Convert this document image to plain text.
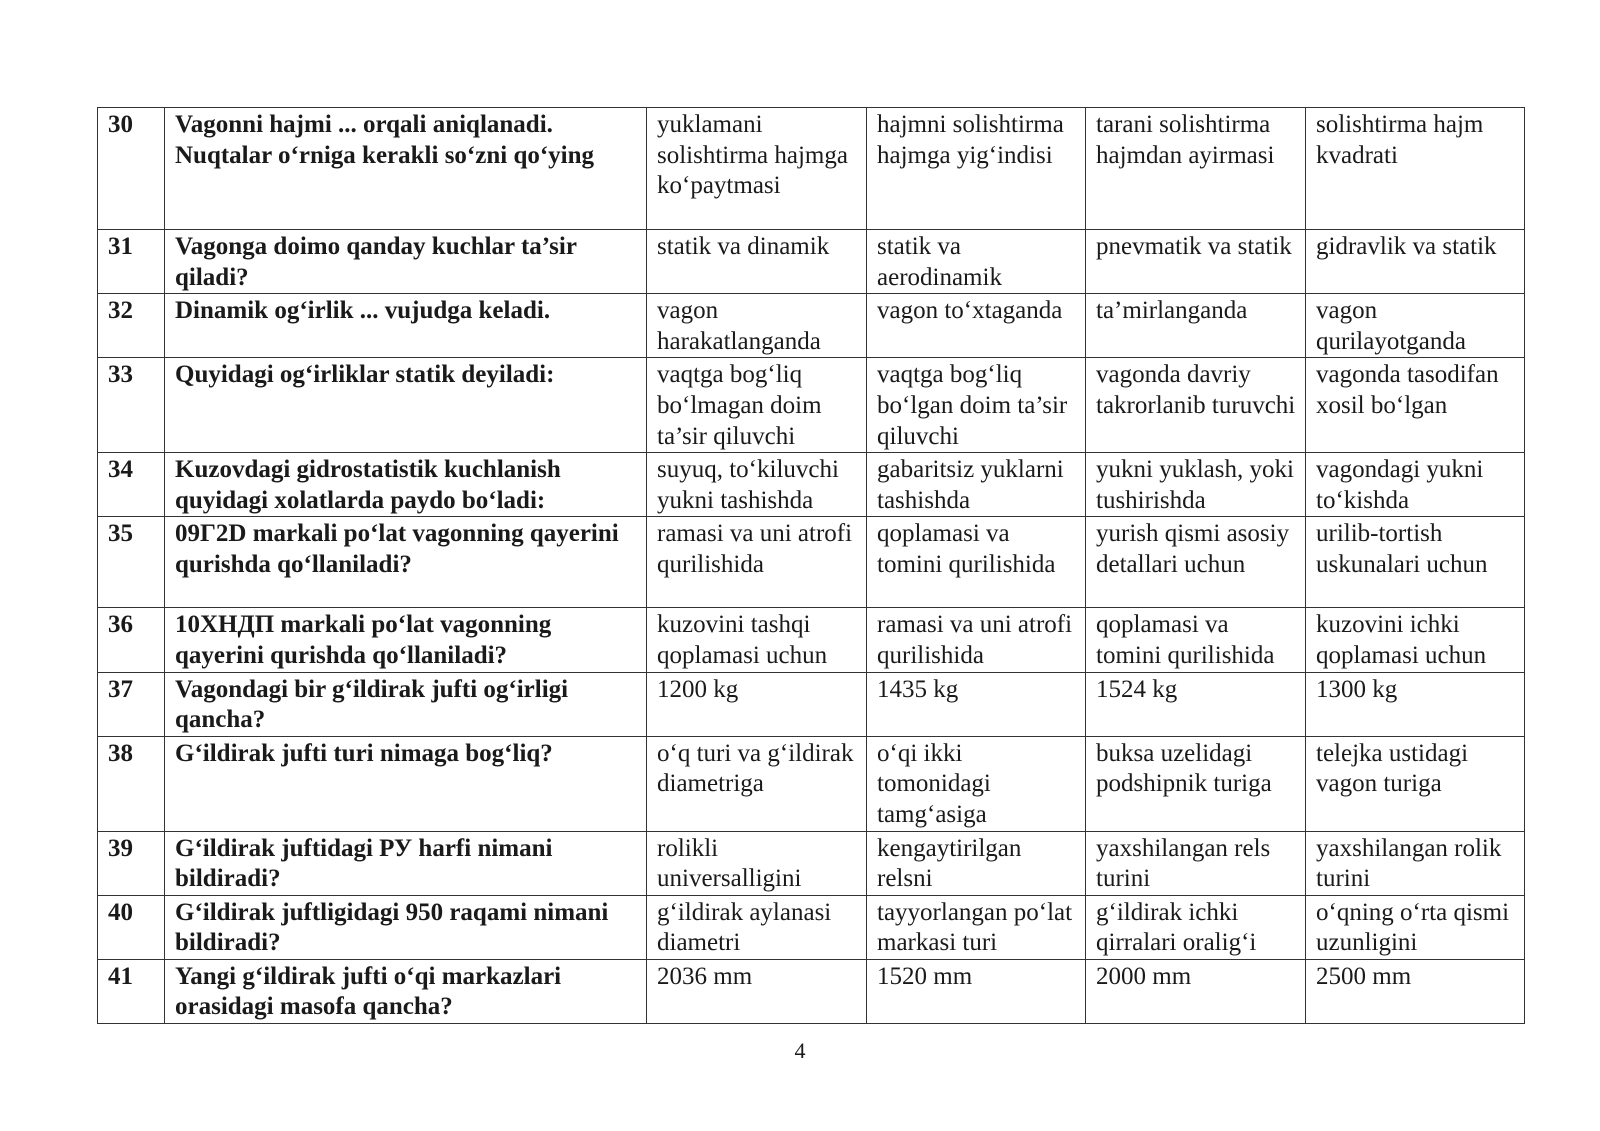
30	Vagonni hajmi ... orqali aniqlanadi. Nuqtalar o‘rniga kerakli so‘zni qo‘ying	yuklamani solishtirma hajmga ko‘paytmasi	hajmni solishtirma hajmga yig‘indisi	tarani solishtirma hajmdan ayirmasi	solishtirma hajm kvadrati
31	Vagonga doimo qanday kuchlar ta’sir qiladi?	statik va dinamik	statik va aerodinamik	pnevmatik va statik	gidravlik va statik
32	Dinamik og‘irlik ... vujudga keladi.	vagon harakatlanganda	vagon to‘xtaganda	ta’mirlanganda	vagon qurilayotganda
33	Quyidagi og‘irliklar statik deyiladi:	vaqtga bog‘liq bo‘lmagan doim ta’sir qiluvchi	vaqtga bog‘liq bo‘lgan doim ta’sir qiluvchi	vagonda davriy takrorlanib turuvchi	vagonda tasodifan xosil bo‘lgan
34	Kuzovdagi gidrostatistik kuchlanish quyidagi xolatlarda paydo bo‘ladi:	suyuq, to‘kiluvchi yukni tashishda	gabaritsiz yuklarni tashishda	yukni yuklash, yoki tushirishda	vagondagi yukni to‘kishda
35	09Г2D markali po‘lat vagonning qayerini qurishda qo‘llaniladi?	ramasi va uni atrofi qurilishida	qoplamasi va tomini qurilishida	yurish qismi asosiy detallari uchun	urilib-tortish uskunalari uchun
36	10ХНДП markali po‘lat vagonning qayerini qurishda qo‘llaniladi?	kuzovini tashqi qoplamasi uchun	ramasi va uni atrofi qurilishida	qoplamasi va tomini qurilishida	kuzovini ichki qoplamasi uchun
37	Vagondagi bir g‘ildirak jufti og‘irligi qancha?	1200 kg	1435 kg	1524 kg	1300 kg
38	G‘ildirak jufti turi nimaga bog‘liq?	o‘q turi va g‘ildirak diametriga	o‘qi ikki tomonidagi tamg‘asiga	buksa uzelidagi podshipnik turiga	telejka ustidagi vagon turiga
39	G‘ildirak juftidagi РУ harfi nimani bildiradi?	rolikli universalligini	kengaytirilgan relsni	yaxshilangan rels turini	yaxshilangan rolik turini
40	G‘ildirak juftligidagi 950 raqami nimani bildiradi?	g‘ildirak aylanasi diametri	tayyorlangan po‘lat markasi turi	g‘ildirak ichki qirralari oralig‘i	o‘qning o‘rta qismi uzunligini
41	Yangi g‘ildirak jufti o‘qi markazlari orasidagi masofa qancha?	2036 mm	1520 mm	2000 mm	2500 mm
4
